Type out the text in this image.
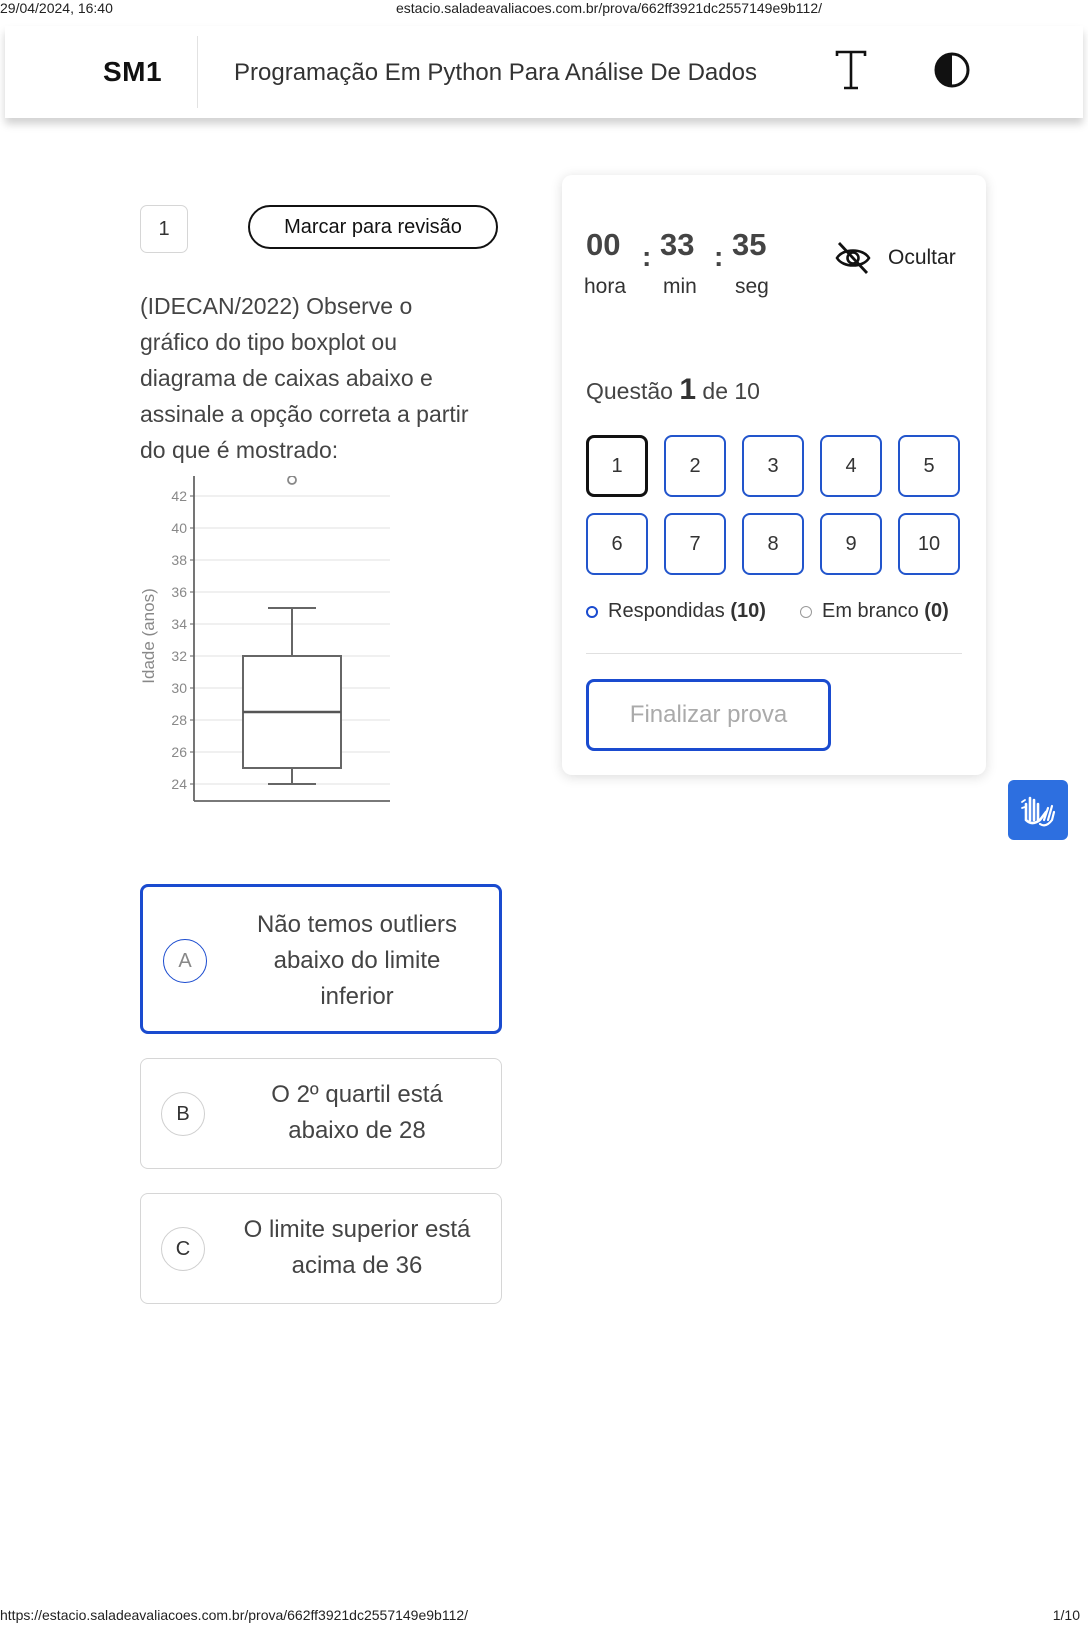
29/04/2024, 16:40	estacio.saladeavaliacoes.com.br/prova/662ff3921dc2557149e9b112/
SM1	Programação Em Python Para Análise De Dados
1	Marcar para revisão
(IDECAN/2022) Observe o gráfico do tipo boxplot ou diagrama de caixas abaixo e assinale a opção correta a partir do que é mostrado:
24
26
28
30
32
34
36
38
40
42
Idade (anos)
A
Não temos outliers
abaixo do limite
inferior
B
O 2º quartil está
abaixo de 28
C
O limite superior está
acima de 36
00 : 33 : 35
hora min seg
Ocultar
Questão 1 de 10
1	2	3	4	5
6	7	8	9	10
Respondidas
(10)	Em branco
(0)
Finalizar prova
https://estacio.saladeavaliacoes.com.br/prova/662ff3921dc2557149e9b112/	1/10
